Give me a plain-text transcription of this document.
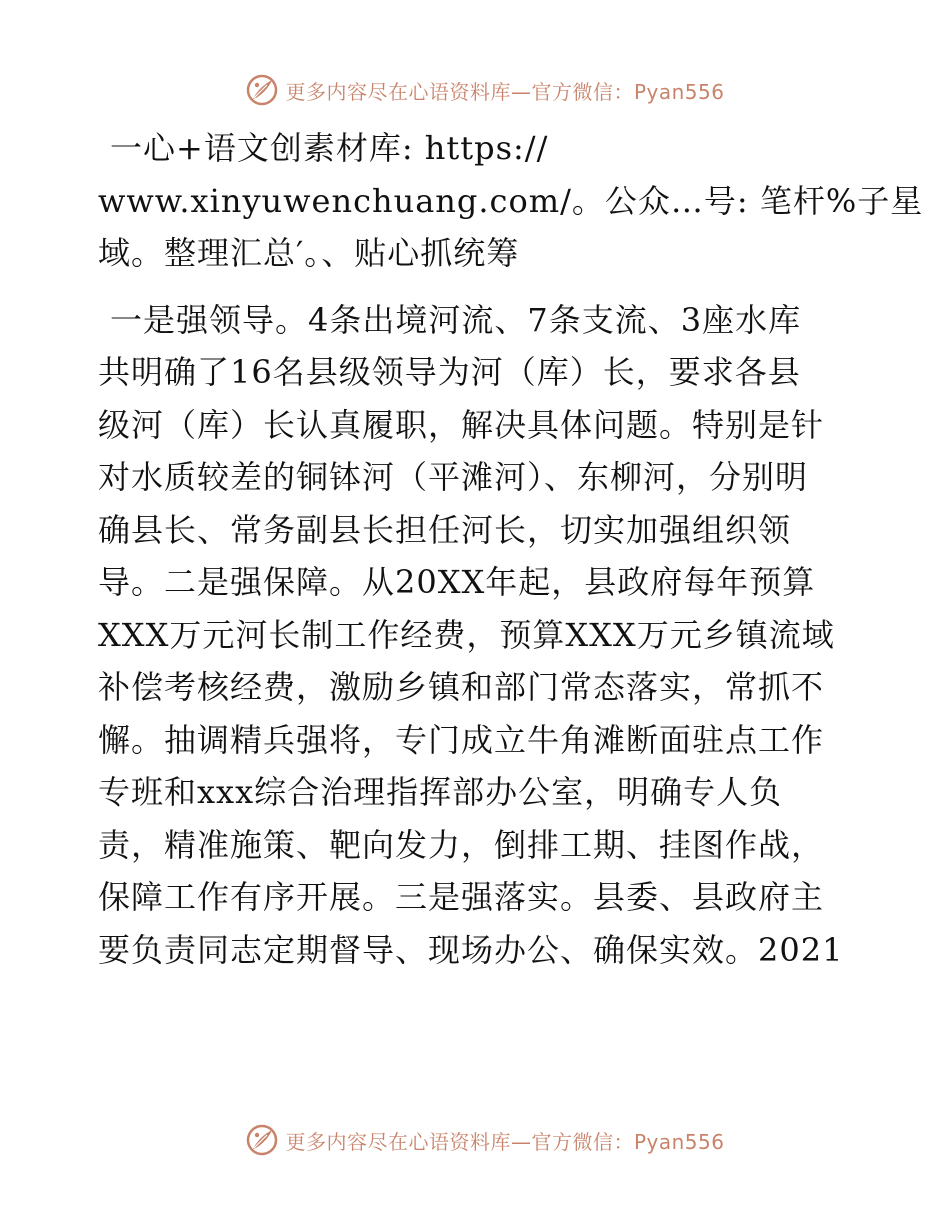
更多内容尽在心语资料库—官方微信：Pyan556
一心+语文创素材库: https://
www.xinyuwenchuang.com/。公众…号: 笔杆%子星
域。整理汇总′。、贴心抓统筹
一是强领导。4条出境河流、7条支流、3座水库
共明确了16名县级领导为河（库）长，要求各县
级河（库）长认真履职，解决具体问题。特别是针
对水质较差的铜钵河（平滩河）、东柳河，分别明
确县长、常务副县长担任河长，切实加强组织领
导。二是强保障。从20XX年起，县政府每年预算
XXX万元河长制工作经费，预算XXX万元乡镇流域
补偿考核经费，激励乡镇和部门常态落实，常抓不
懈。抽调精兵强将，专门成立牛角滩断面驻点工作
专班和xxx综合治理指挥部办公室，明确专人负
责，精准施策、靶向发力，倒排工期、挂图作战，
保障工作有序开展。三是强落实。县委、县政府主
要负责同志定期督导、现场办公、确保实效。2021
更多内容尽在心语资料库—官方微信：Pyan556
